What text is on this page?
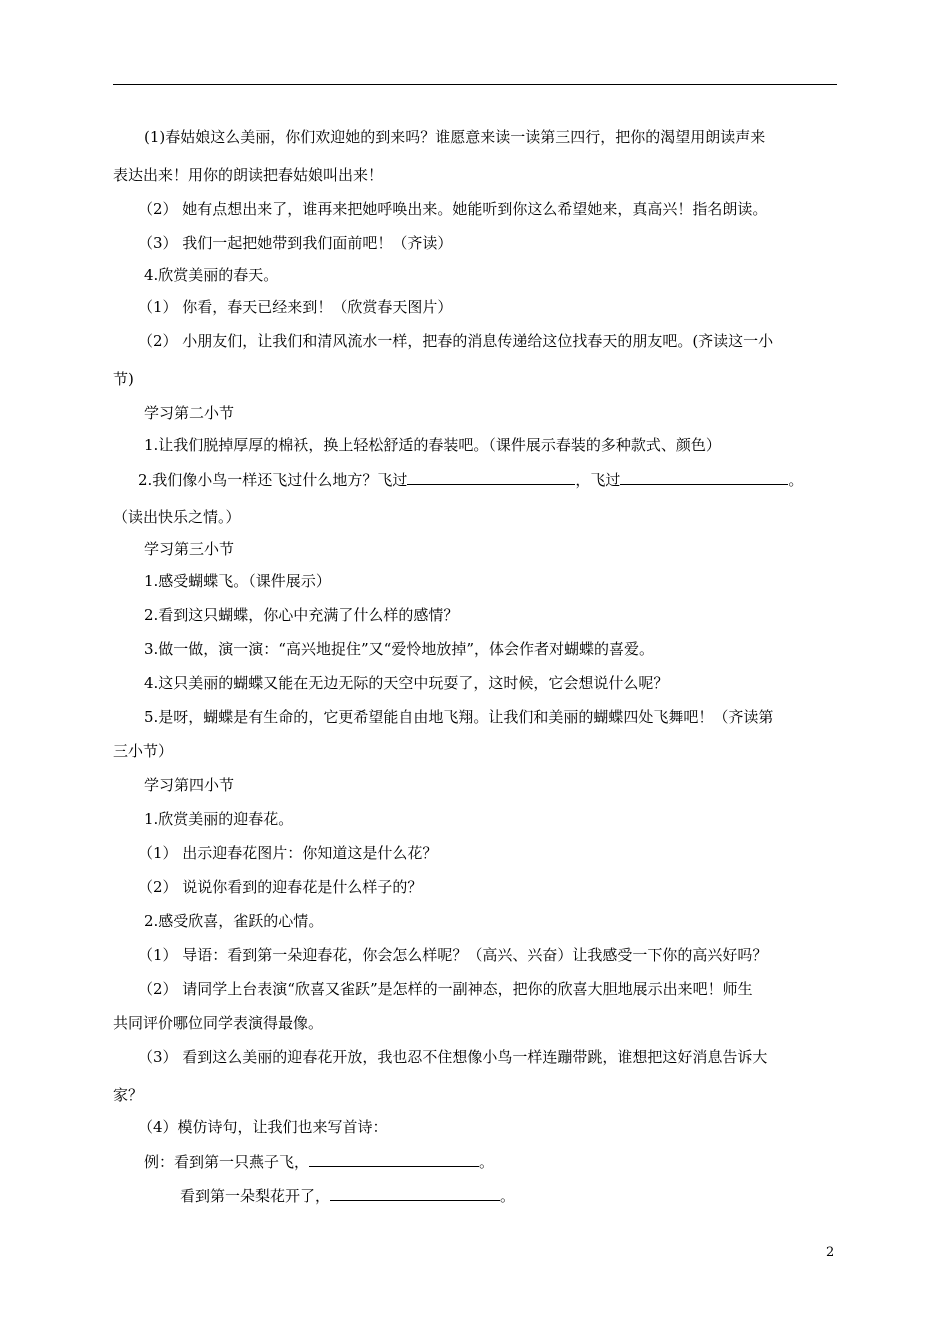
(1)春姑娘这么美丽，你们欢迎她的到来吗？谁愿意来读一读第三四行，把你的渴望用朗读声来
表达出来！用你的朗读把春姑娘叫出来！
（2） 她有点想出来了，谁再来把她呼唤出来。她能听到你这么希望她来，真高兴！指名朗读。
（3） 我们一起把她带到我们面前吧！（齐读）
4.欣赏美丽的春天。
（1） 你看，春天已经来到！（欣赏春天图片）
（2） 小朋友们，让我们和清风流水一样，把春的消息传递给这位找春天的朋友吧。(齐读这一小
节)
学习第二小节
1.让我们脱掉厚厚的棉袄，换上轻松舒适的春装吧。（课件展示春装的多种款式、颜色）
2.我们像小鸟一样还飞过什么地方？飞过	，飞过	。
（读出快乐之情。）
学习第三小节
1.感受蝴蝶飞。（课件展示）
2.看到这只蝴蝶，你心中充满了什么样的感情？
3.做一做，演一演：“高兴地捉住”又“爱怜地放掉”，体会作者对蝴蝶的喜爱。
4.这只美丽的蝴蝶又能在无边无际的天空中玩耍了，这时候，它会想说什么呢？
5.是呀，蝴蝶是有生命的，它更希望能自由地飞翔。让我们和美丽的蝴蝶四处飞舞吧！（齐读第
三小节）
学习第四小节
1.欣赏美丽的迎春花。
（1） 出示迎春花图片：你知道这是什么花？
（2） 说说你看到的迎春花是什么样子的？
2.感受欣喜，雀跃的心情。
（1） 导语：看到第一朵迎春花，你会怎么样呢？（高兴、兴奋）让我感受一下你的高兴好吗？
（2） 请同学上台表演“欣喜又雀跃”是怎样的一副神态，把你的欣喜大胆地展示出来吧！师生
共同评价哪位同学表演得最像。
（3） 看到这么美丽的迎春花开放，我也忍不住想像小鸟一样连蹦带跳，谁想把这好消息告诉大
家？
（4）模仿诗句，让我们也来写首诗：
例：看到第一只燕子飞，	。
看到第一朵梨花开了，	。
2
